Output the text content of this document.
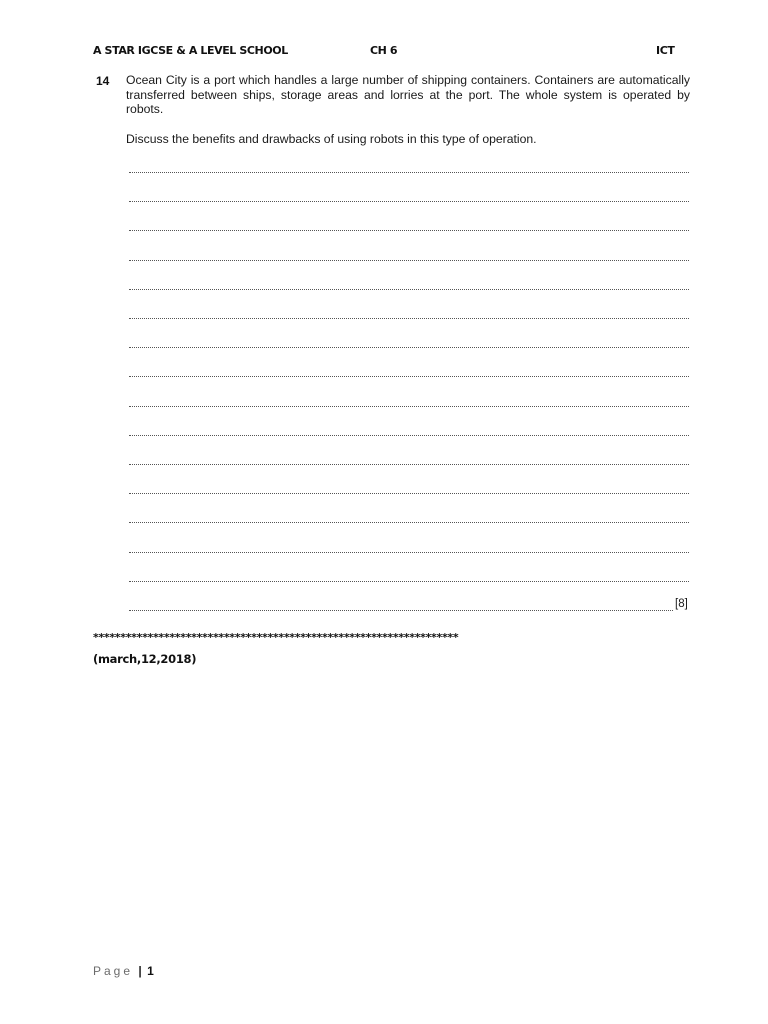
A STAR IGCSE & A LEVEL SCHOOL	CH 6	ICT
14 Ocean City is a port which handles a large number of shipping containers. Containers are automatically transferred between ships, storage areas and lorries at the port. The whole system is operated by robots.
Discuss the benefits and drawbacks of using robots in this type of operation.
[8]
*******************************************************************
(march,12,2018)
Page | 1
